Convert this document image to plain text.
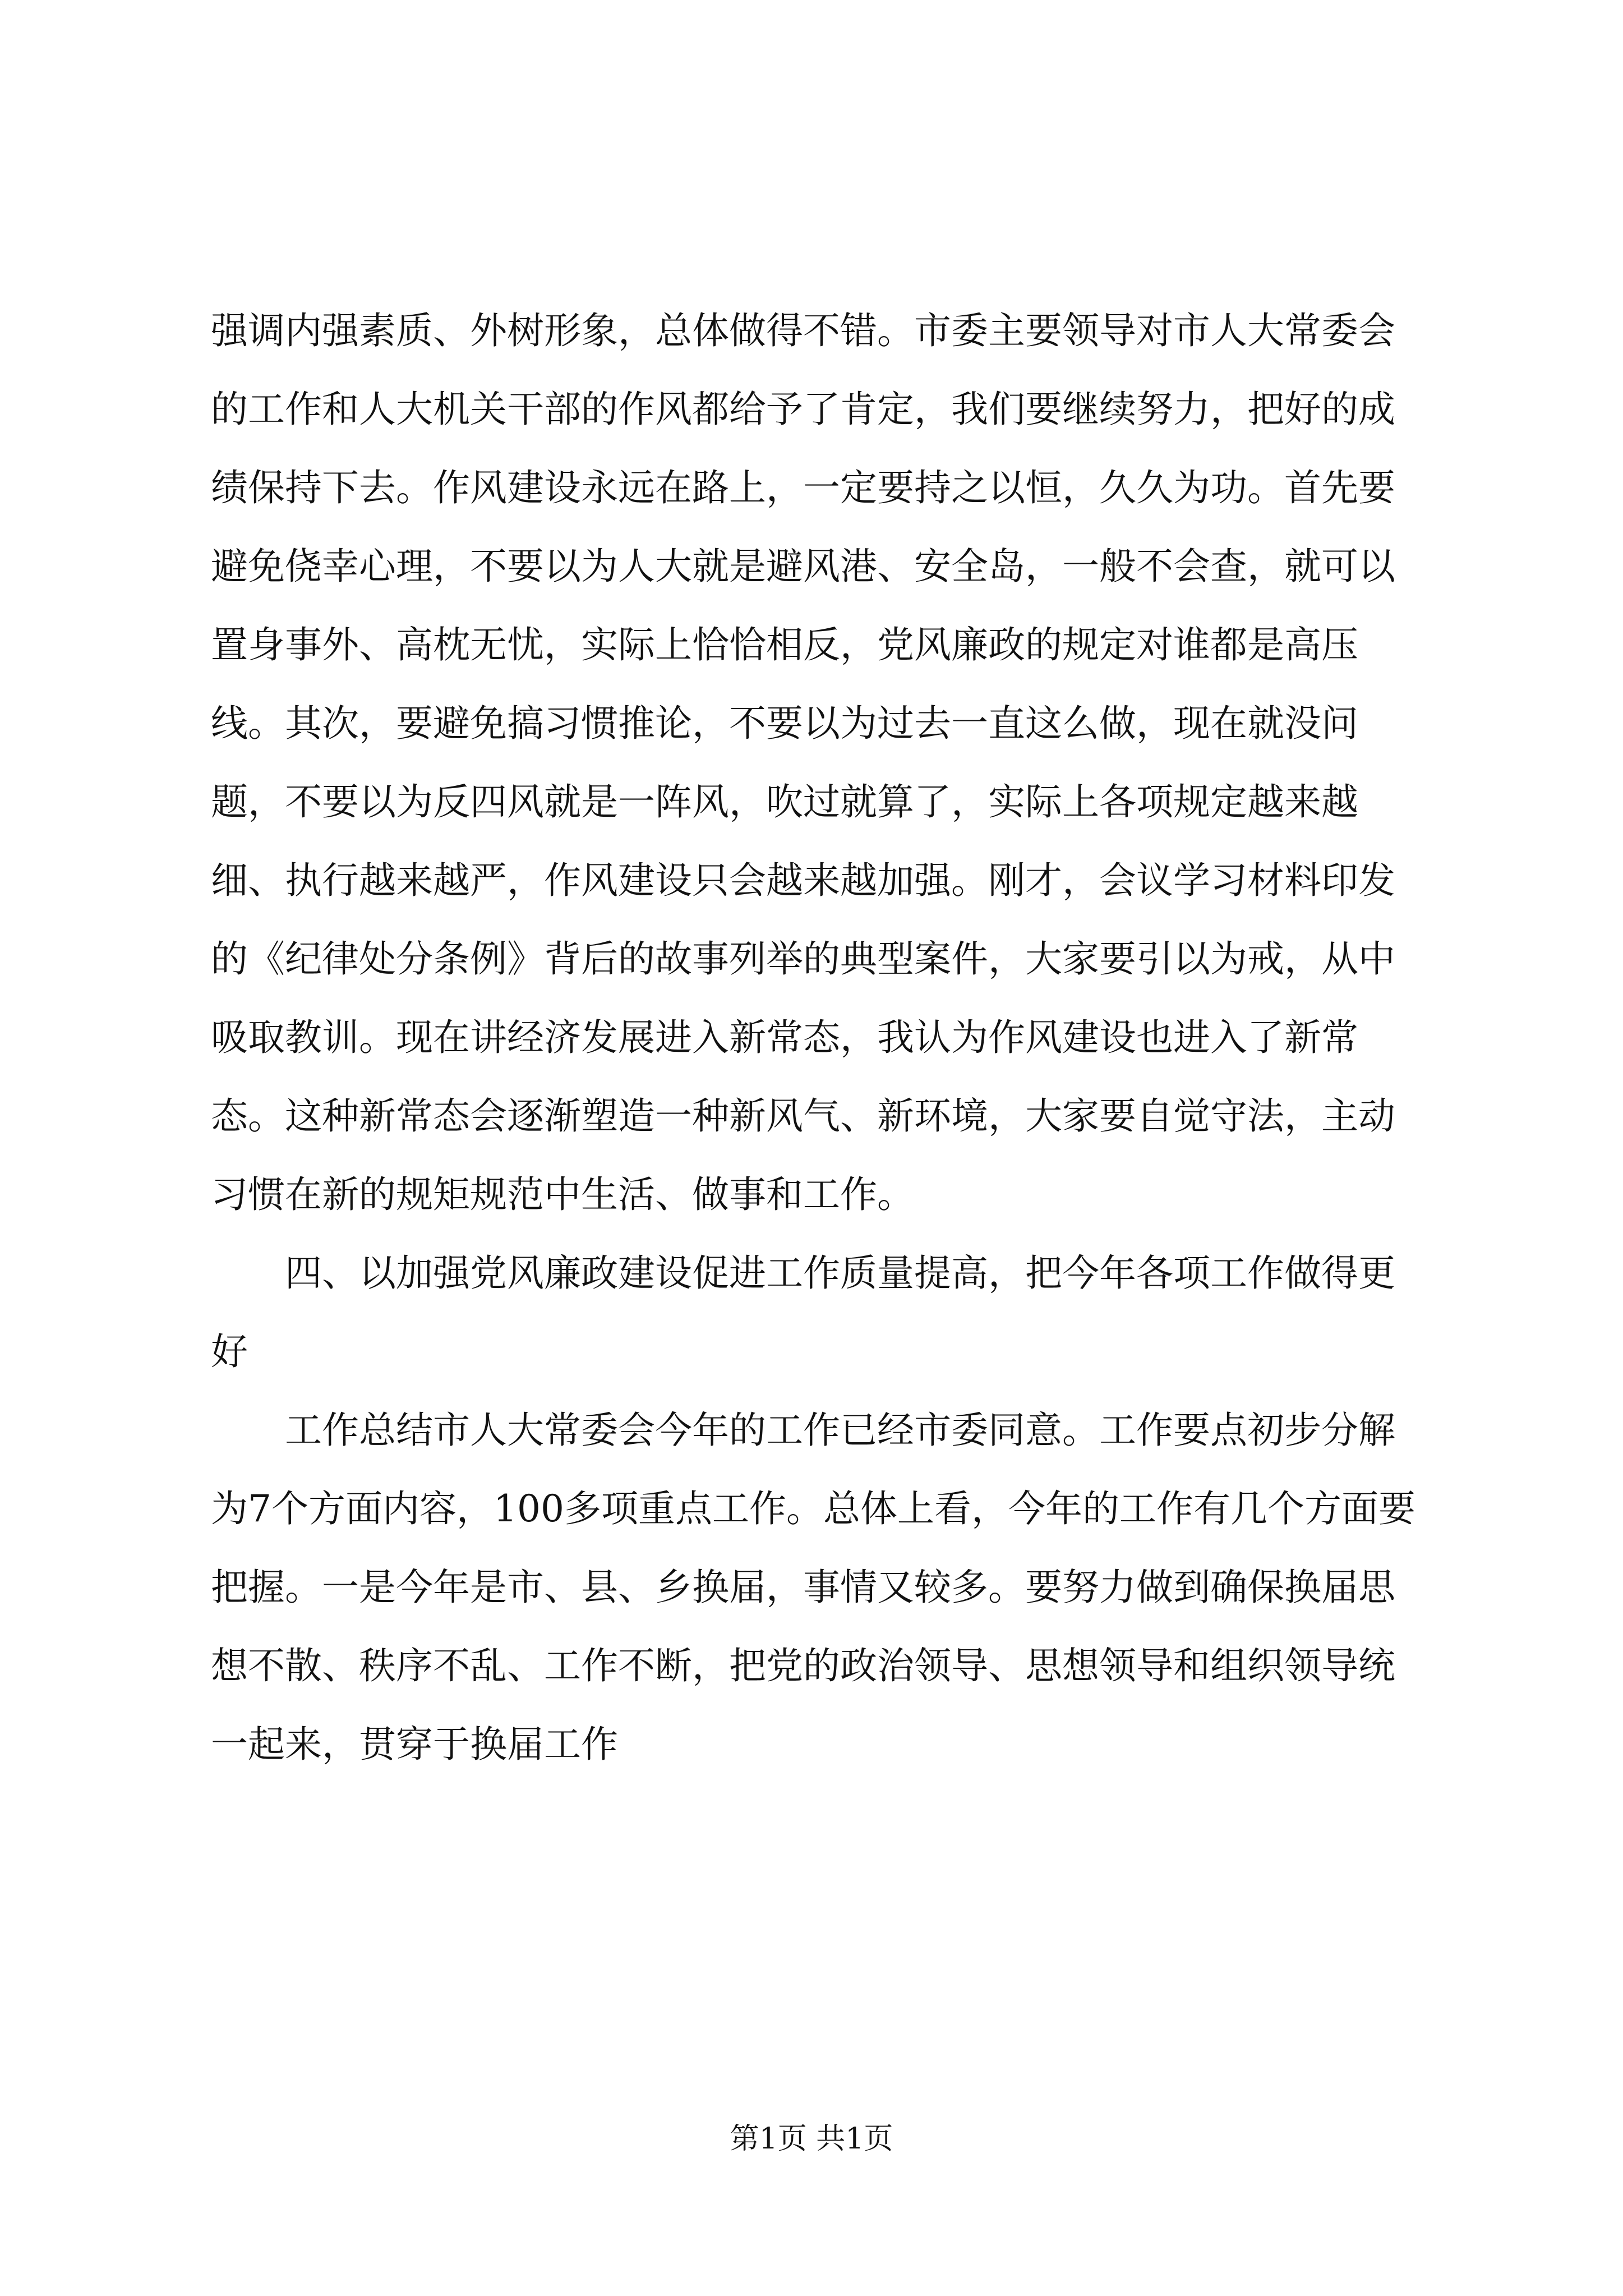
强调内强素质、外树形象，总体做得不错。市委主要领导对市人大常委会的工作和人大机关干部的作风都给予了肯定，我们要继续努力，把好的成绩保持下去。作风建设永远在路上，一定要持之以恒，久久为功。首先要避免侥幸心理，不要以为人大就是避风港、安全岛，一般不会查，就可以置身事外、高枕无忧，实际上恰恰相反，党风廉政的规定对谁都是高压线。其次，要避免搞习惯推论，不要以为过去一直这么做，现在就没问题，不要以为反四风就是一阵风，吹过就算了，实际上各项规定越来越细、执行越来越严，作风建设只会越来越加强。刚才，会议学习材料印发的《纪律处分条例》背后的故事列举的典型案件，大家要引以为戒，从中吸取教训。现在讲经济发展进入新常态，我认为作风建设也进入了新常态。这种新常态会逐渐塑造一种新风气、新环境，大家要自觉守法，主动习惯在新的规矩规范中生活、做事和工作。

四、以加强党风廉政建设促进工作质量提高，把今年各项工作做得更好

工作总结市人大常委会今年的工作已经市委同意。工作要点初步分解为7个方面内容，100多项重点工作。总体上看，今年的工作有几个方面要把握。一是今年是市、县、乡换届，事情又较多。要努力做到确保换届思想不散、秩序不乱、工作不断，把党的政治领导、思想领导和组织领导统一起来，贯穿于换届工作

第1页 共1页
